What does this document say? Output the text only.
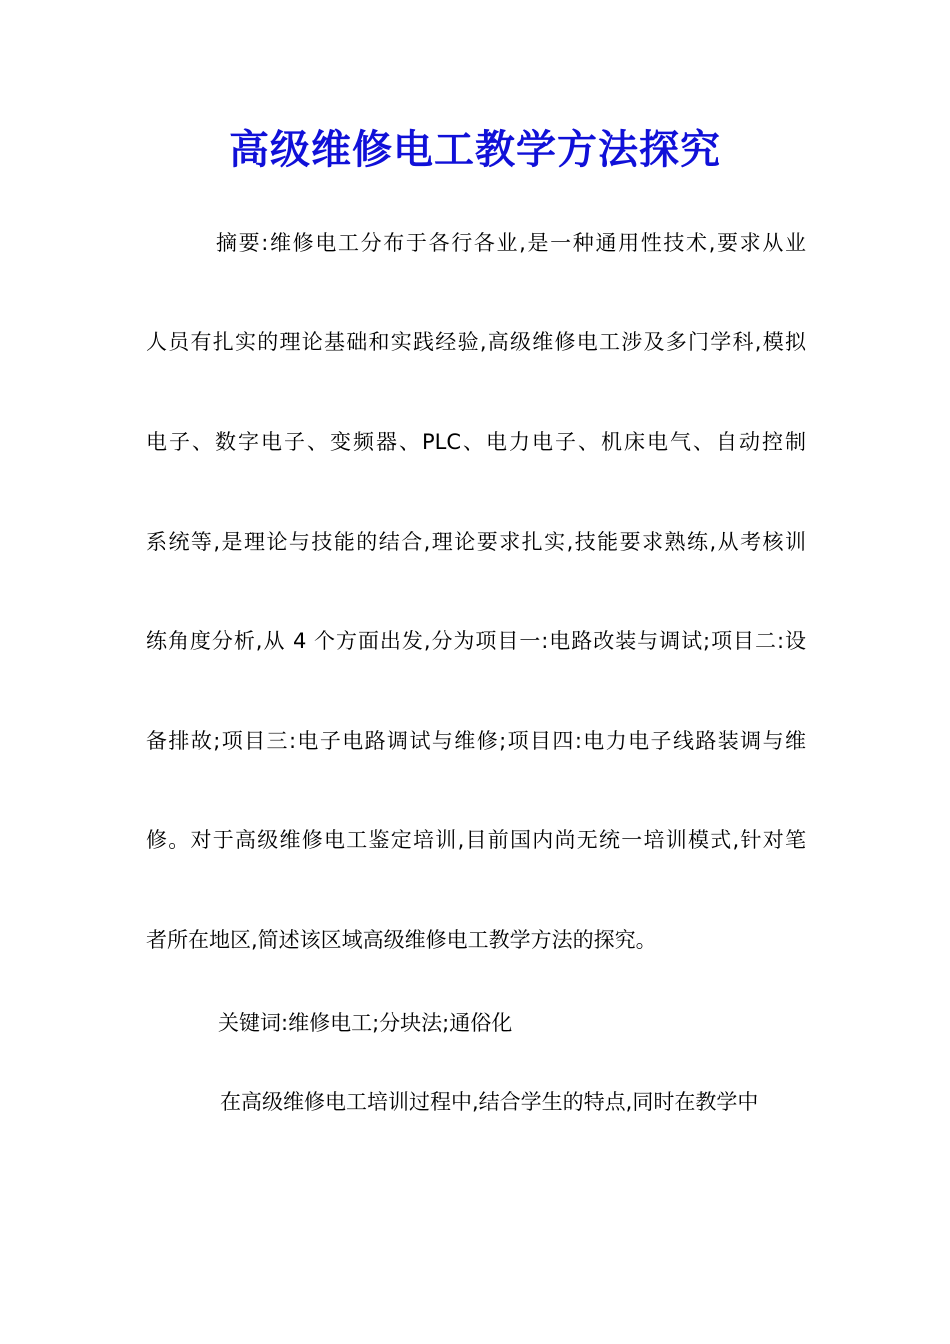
高级维修电工教学方法探究
摘要:维修电工分布于各行各业,是一种通用性技术,要求从业
人员有扎实的理论基础和实践经验,高级维修电工涉及多门学科,模拟
电子、数字电子、变频器、PLC、电力电子、机床电气、自动控制
系统等,是理论与技能的结合,理论要求扎实,技能要求熟练,从考核训
练角度分析,从 4 个方面出发,分为项目一:电路改装与调试;项目二:设
备排故;项目三:电子电路调试与维修;项目四:电力电子线路装调与维
修。对于高级维修电工鉴定培训,目前国内尚无统一培训模式,针对笔
者所在地区,简述该区域高级维修电工教学方法的探究。
关键词:维修电工;分块法;通俗化
在高级维修电工培训过程中,结合学生的特点,同时在教学中
